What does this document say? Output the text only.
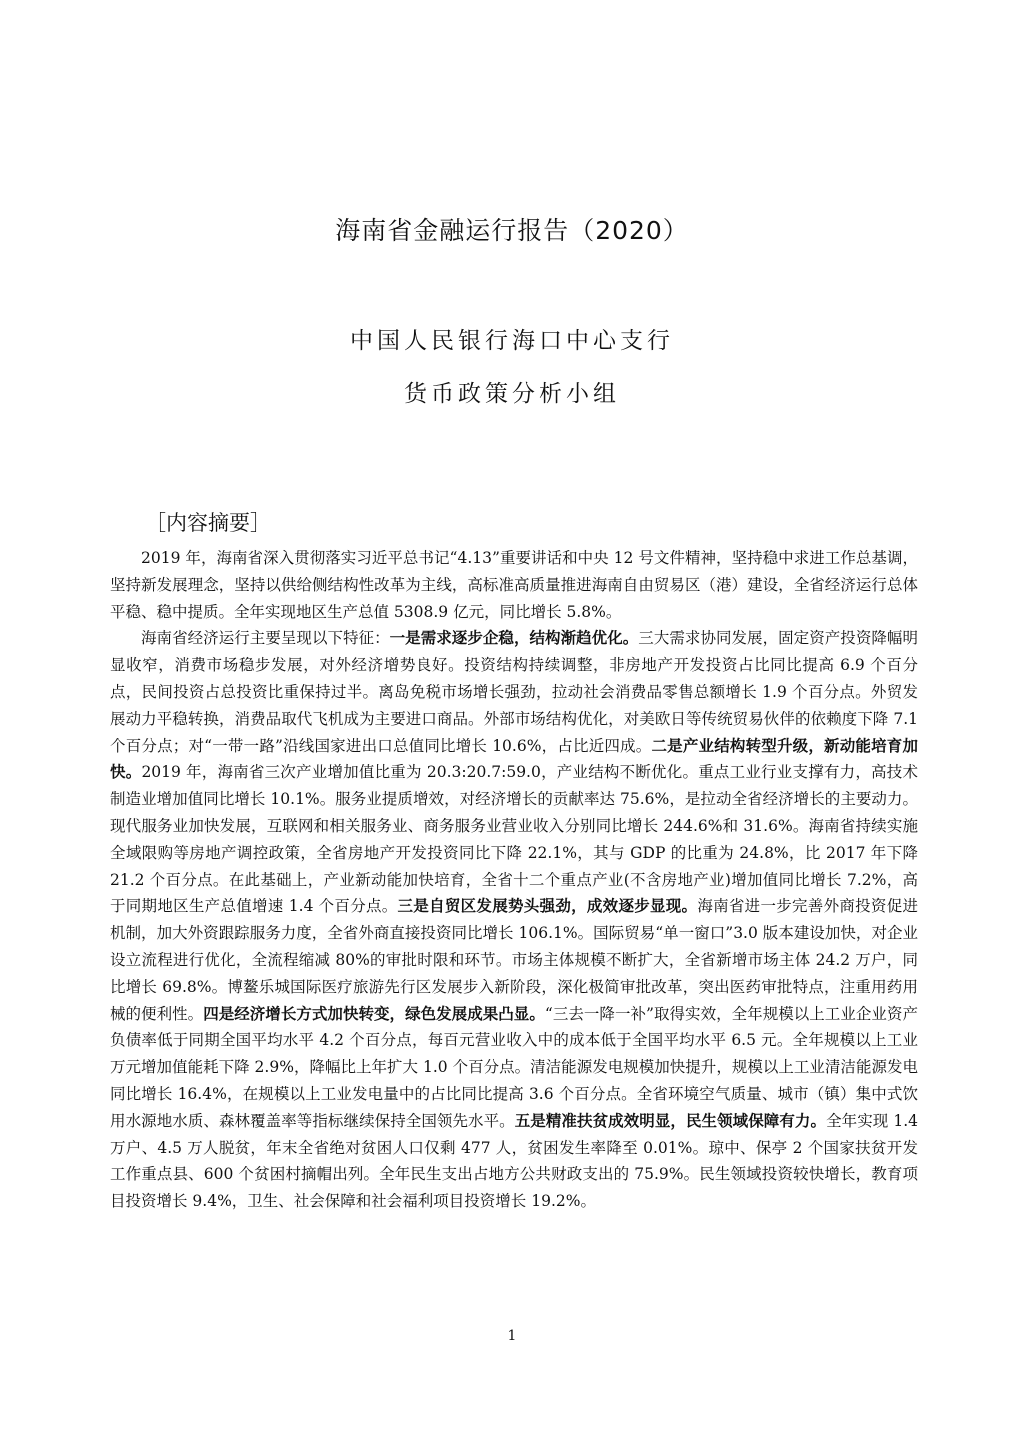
海南省金融运行报告（2020）
中国人民银行海口中心支行
货币政策分析小组
［内容摘要］

2019 年，海南省深入贯彻落实习近平总书记“4.13”重要讲话和中央 12 号文件精神，坚持稳中求进工作总基调，坚持新发展理念，坚持以供给侧结构性改革为主线，高标准高质量推进海南自由贸易区（港）建设，全省经济运行总体平稳、稳中提质。全年实现地区生产总值 5308.9 亿元，同比增长 5.8%。

海南省经济运行主要呈现以下特征：一是需求逐步企稳，结构渐趋优化。三大需求协同发展，固定资产投资降幅明显收窄，消费市场稳步发展，对外经济增势良好。投资结构持续调整，非房地产开发投资占比同比提高 6.9 个百分点，民间投资占总投资比重保持过半。离岛免税市场增长强劲，拉动社会消费品零售总额增长 1.9 个百分点。外贸发展动力平稳转换，消费品取代飞机成为主要进口商品。外部市场结构优化，对美欧日等传统贸易伙伴的依赖度下降 7.1 个百分点；对“一带一路”沿线国家进出口总值同比增长 10.6%，占比近四成。二是产业结构转型升级，新动能培育加快。2019 年，海南省三次产业增加值比重为 20.3:20.7:59.0，产业结构不断优化。重点工业行业支撑有力，高技术制造业增加值同比增长 10.1%。服务业提质增效，对经济增长的贡献率达 75.6%，是拉动全省经济增长的主要动力。现代服务业加快发展，互联网和相关服务业、商务服务业营业收入分别同比增长 244.6%和 31.6%。海南省持续实施全域限购等房地产调控政策，全省房地产开发投资同比下降 22.1%，其与 GDP 的比重为 24.8%，比 2017 年下降 21.2 个百分点。在此基础上，产业新动能加快培育，全省十二个重点产业(不含房地产业)增加值同比增长 7.2%，高于同期地区生产总值增速 1.4 个百分点。三是自贸区发展势头强劲，成效逐步显现。海南省进一步完善外商投资促进机制，加大外资跟踪服务力度，全省外商直接投资同比增长 106.1%。国际贸易“单一窗口”3.0 版本建设加快，对企业设立流程进行优化，全流程缩减 80%的审批时限和环节。市场主体规模不断扩大，全省新增市场主体 24.2 万户，同比增长 69.8%。博鳌乐城国际医疗旅游先行区发展步入新阶段，深化极简审批改革，突出医药审批特点，注重用药用械的便利性。四是经济增长方式加快转变，绿色发展成果凸显。“三去一降一补”取得实效，全年规模以上工业企业资产负债率低于同期全国平均水平 4.2 个百分点，每百元营业收入中的成本低于全国平均水平 6.5 元。全年规模以上工业万元增加值能耗下降 2.9%，降幅比上年扩大 1.0 个百分点。清洁能源发电规模加快提升，规模以上工业清洁能源发电同比增长 16.4%，在规模以上工业发电量中的占比同比提高 3.6 个百分点。全省环境空气质量、城市（镇）集中式饮用水源地水质、森林覆盖率等指标继续保持全国领先水平。五是精准扶贫成效明显，民生领域保障有力。全年实现 1.4 万户、4.5 万人脱贫，年末全省绝对贫困人口仅剩 477 人，贫困发生率降至 0.01%。琼中、保亭 2 个国家扶贫开发工作重点县、600 个贫困村摘帽出列。全年民生支出占地方公共财政支出的 75.9%。民生领域投资较快增长，教育项目投资增长 9.4%，卫生、社会保障和社会福利项目投资增长 19.2%。

1
